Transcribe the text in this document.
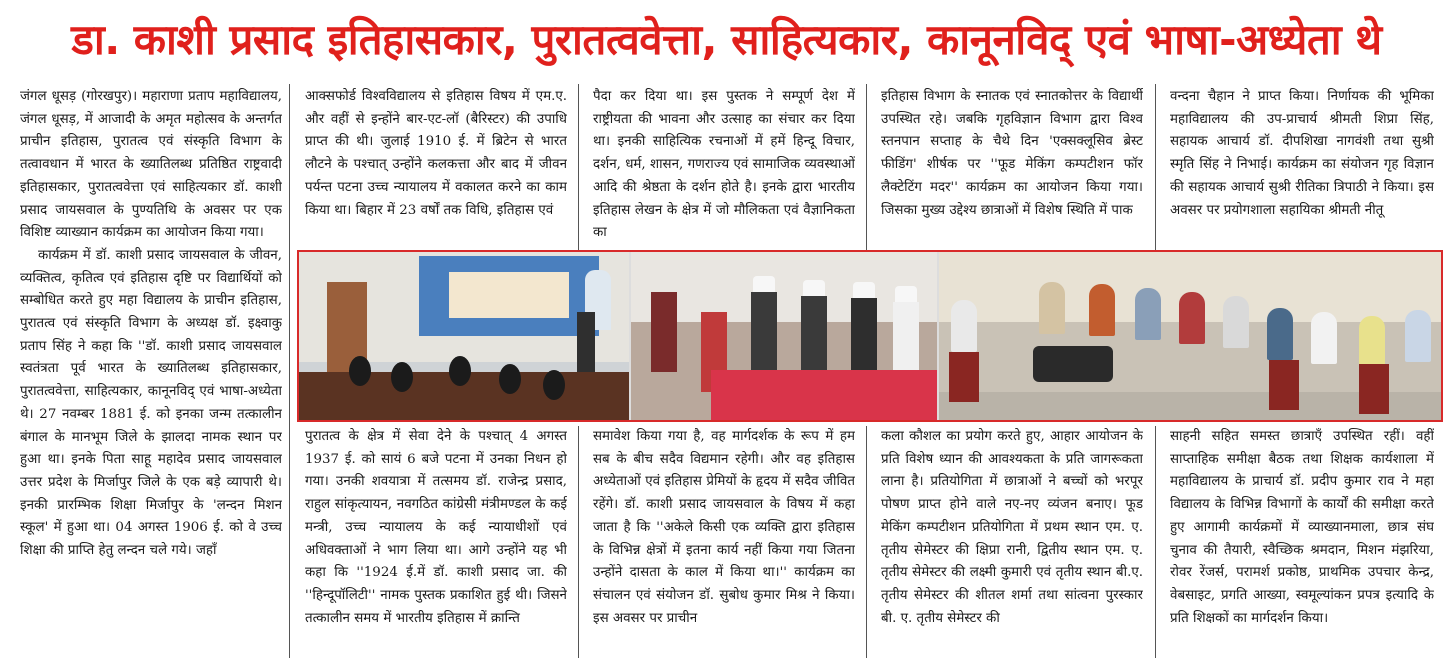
डा. काशी प्रसाद इतिहासकार, पुरातत्ववेत्ता, साहित्यकार, कानूनविद् एवं भाषा-अध्येता थे

जंगल धूसड़ (गोरखपुर)। महाराणा प्रताप महाविद्यालय, जंगल धूसड़, में आजादी के अमृत महोत्सव के अन्तर्गत प्राचीन इतिहास, पुरातत्व एवं संस्कृति विभाग के तत्वावधान में भारत के ख्यातिलब्ध प्रतिष्ठित राष्ट्रवादी इतिहासकार, पुरातत्ववेत्ता एवं साहित्यकार डॉ. काशी प्रसाद जायसवाल के पुण्यतिथि के अवसर पर एक विशिष्ट व्याख्यान कार्यक्रम का आयोजन किया गया।

कार्यक्रम में डॉ. काशी प्रसाद जायसवाल के जीवन, व्यक्तित्व, कृतित्व एवं इतिहास दृष्टि पर विद्यार्थियों को सम्बोधित करते हुए महा विद्यालय के प्राचीन इतिहास, पुरातत्व एवं संस्कृति विभाग के अध्यक्ष डॉ. इक्ष्वाकु प्रताप सिंह ने कहा कि ''डॉ. काशी प्रसाद जायसवाल स्वतंत्रता पूर्व भारत के ख्यातिलब्ध इतिहासकार, पुरातत्ववेत्ता, साहित्यकार, कानूनविद् एवं भाषा-अध्येता थे। 27 नवम्बर 1881 ई. को इनका जन्म तत्कालीन बंगाल के मानभूम जिले के झालदा नामक स्थान पर हुआ था। इनके पिता साहू महादेव प्रसाद जायसवाल उत्तर प्रदेश के मिर्जापुर जिले के एक बड़े व्यापारी थे। इनकी प्रारम्भिक शिक्षा मिर्जापुर के 'लन्दन मिशन स्कूल' में हुआ था। 04 अगस्त 1906 ई. को वे उच्च शिक्षा की प्राप्ति हेतु लन्दन चले गये। जहाँ

आक्सफोर्ड विश्वविद्यालय से इतिहास विषय में एम.ए. और वहीं से इन्होंने बार-एट-लॉ (बैरिस्टर) की उपाधि प्राप्त की थी। जुलाई 1910 ई. में ब्रिटेन से भारत लौटने के पश्चात् उन्होंने कलकत्ता और बाद में जीवन पर्यन्त पटना उच्च न्यायालय में वकालत करने का काम किया था। बिहार में 23 वर्षों तक विधि, इतिहास एवं

पैदा कर दिया था। इस पुस्तक ने सम्पूर्ण देश में राष्ट्रीयता की भावना और उत्साह का संचार कर दिया था। इनकी साहित्यिक रचनाओं में हमें हिन्दू विचार, दर्शन, धर्म, शासन, गणराज्य एवं सामाजिक व्यवस्थाओं आदि की श्रेष्ठता के दर्शन होते है। इनके द्वारा भारतीय इतिहास लेखन के क्षेत्र में जो मौलिकता एवं वैज्ञानिकता का

इतिहास विभाग के स्नातक एवं स्नातकोत्तर के विद्यार्थी उपस्थित रहे। जबकि गृहविज्ञान विभाग द्वारा विश्व स्तनपान सप्ताह के चैथे दिन 'एक्सक्लूसिव ब्रेस्ट फीडिंग' शीर्षक पर ''फूड मेकिंग कम्पटीशन फॉर लैक्टेटिंग मदर'' कार्यक्रम का आयोजन किया गया। जिसका मुख्य उद्देश्य छात्राओं में विशेष स्थिति में पाक

वन्दना चैहान ने प्राप्त किया। निर्णायक की भूमिका महाविद्यालय की उप-प्राचार्य श्रीमती शिप्रा सिंह, सहायक आचार्य डॉ. दीपशिखा नागवंशी तथा सुश्री स्मृति सिंह ने निभाई। कार्यक्रम का संयोजन गृह विज्ञान की सहायक आचार्य सुश्री रीतिका त्रिपाठी ने किया। इस अवसर पर प्रयोगशाला सहायिका श्रीमती नीतू

पुरातत्व के क्षेत्र में सेवा देने के पश्चात् 4 अगस्त 1937 ई. को सायं 6 बजे पटना में उनका निधन हो गया। उनकी शवयात्रा में तत्समय डॉ. राजेन्द्र प्रसाद, राहुल सांकृत्यायन, नवगठित कांग्रेसी मंत्रीमण्डल के कई मन्त्री, उच्च न्यायालय के कई न्यायाधीशों एवं अधिवक्ताओं ने भाग लिया था। आगे उन्होंने यह भी कहा कि ''1924 ई.में डॉ. काशी प्रसाद जा. की ''हिन्दूपॉलिटी'' नामक पुस्तक प्रकाशित हुई थी। जिसने तत्कालीन समय में भारतीय इतिहास में क्रान्ति

समावेश किया गया है, वह मार्गदर्शक के रूप में हम सब के बीच सदैव विद्यमान रहेगी। और वह इतिहास अध्येताओं एवं इतिहास प्रेमियों के हृदय में सदैव जीवित रहेंगे। डॉ. काशी प्रसाद जायसवाल के विषय में कहा जाता है कि ''अकेले किसी एक व्यक्ति द्वारा इतिहास के विभिन्न क्षेत्रों में इतना कार्य नहीं किया गया जितना उन्होंने दासता के काल में किया था।'' कार्यक्रम का संचालन एवं संयोजन डॉ. सुबोध कुमार मिश्र ने किया। इस अवसर पर प्राचीन

कला कौशल का प्रयोग करते हुए, आहार आयोजन के प्रति विशेष ध्यान की आवश्यकता के प्रति जागरूकता लाना है। प्रतियोगिता में छात्राओं ने बच्चों को भरपूर पोषण प्राप्त होने वाले नए-नए व्यंजन बनाए। फूड मेकिंग कम्पटीशन प्रतियोगिता में प्रथम स्थान एम. ए. तृतीय सेमेस्टर की क्षिप्रा रानी, द्वितीय स्थान एम. ए. तृतीय सेमेस्टर की लक्ष्मी कुमारी एवं तृतीय स्थान बी.ए. तृतीय सेमेस्टर की शीतल शर्मा तथा सांत्वना पुरस्कार बी. ए. तृतीय सेमेस्टर की

साहनी सहित समस्त छात्राएँ उपस्थित रहीं। वहीं साप्ताहिक समीक्षा बैठक तथा शिक्षक कार्यशाला में महाविद्यालय के प्राचार्य डॉ. प्रदीप कुमार राव ने महा विद्यालय के विभिन्न विभागों के कार्यों की समीक्षा करते हुए आगामी कार्यक्रमों में व्याख्यानमाला, छात्र संघ चुनाव की तैयारी, स्वैच्छिक श्रमदान, मिशन मंझरिया, रोवर रेंजर्स, परामर्श प्रकोष्ठ, प्राथमिक उपचार केन्द्र, वेबसाइट, प्रगति आख्या, स्वमूल्यांकन प्रपत्र इत्यादि के प्रति शिक्षकों का मार्गदर्शन किया।
